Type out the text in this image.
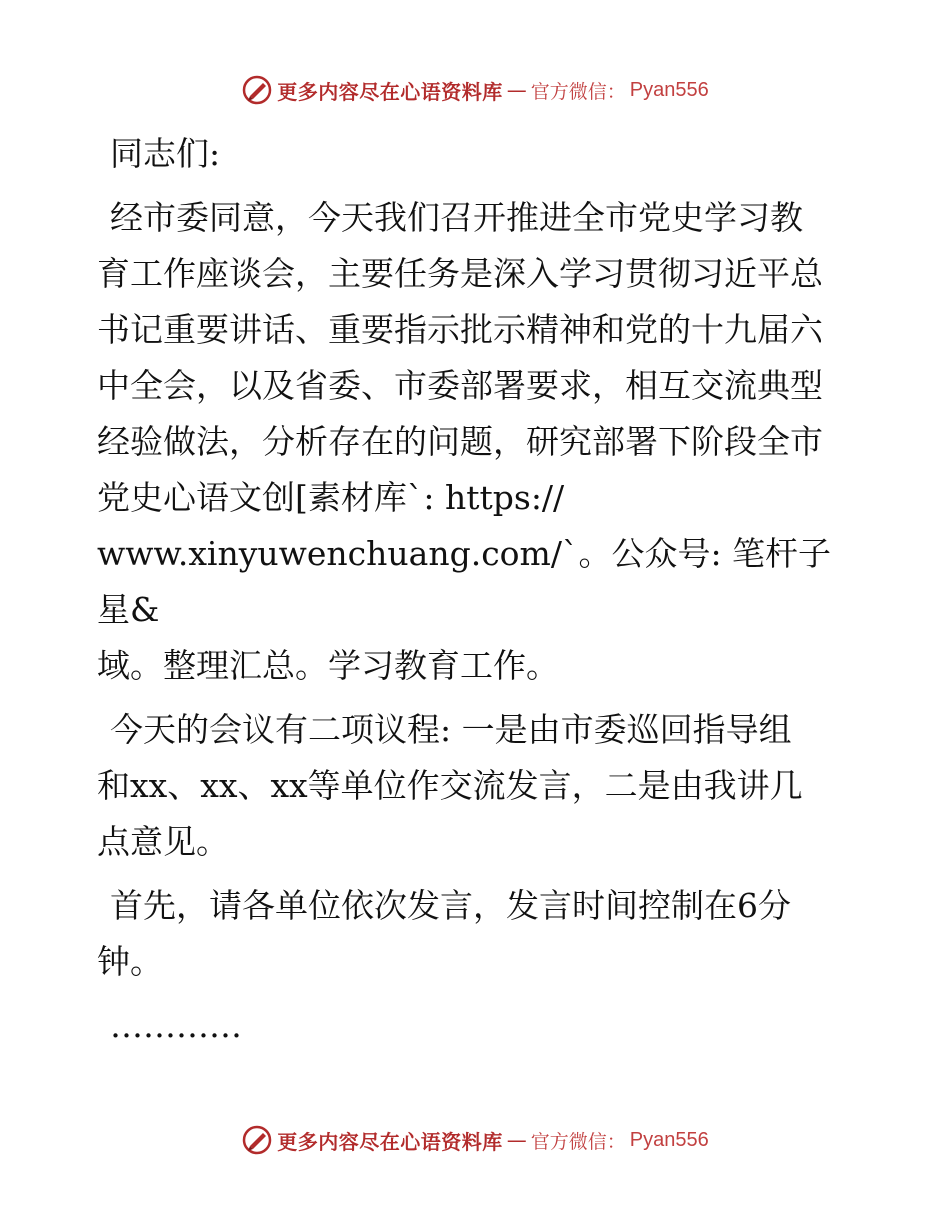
更多内容尽在心语资料库 — 官方微信： Pyan556

同志们:

经市委同意，今天我们召开推进全市党史学习教
育工作座谈会，主要任务是深入学习贯彻习近平总
书记重要讲话、重要指示批示精神和党的十九届六
中全会，以及省委、市委部署要求，相互交流典型
经验做法，分析存在的问题，研究部署下阶段全市
党史心语文创[素材库`: https://
www.xinyuwenchuang.com/`。公众号: 笔杆子星&
域。整理汇总。学习教育工作。

今天的会议有二项议程: 一是由市委巡回指导组
和xx、xx、xx等单位作交流发言，二是由我讲几
点意见。

首先，请各单位依次发言，发言时间控制在6分
钟。

…………

更多内容尽在心语资料库 — 官方微信： Pyan556
